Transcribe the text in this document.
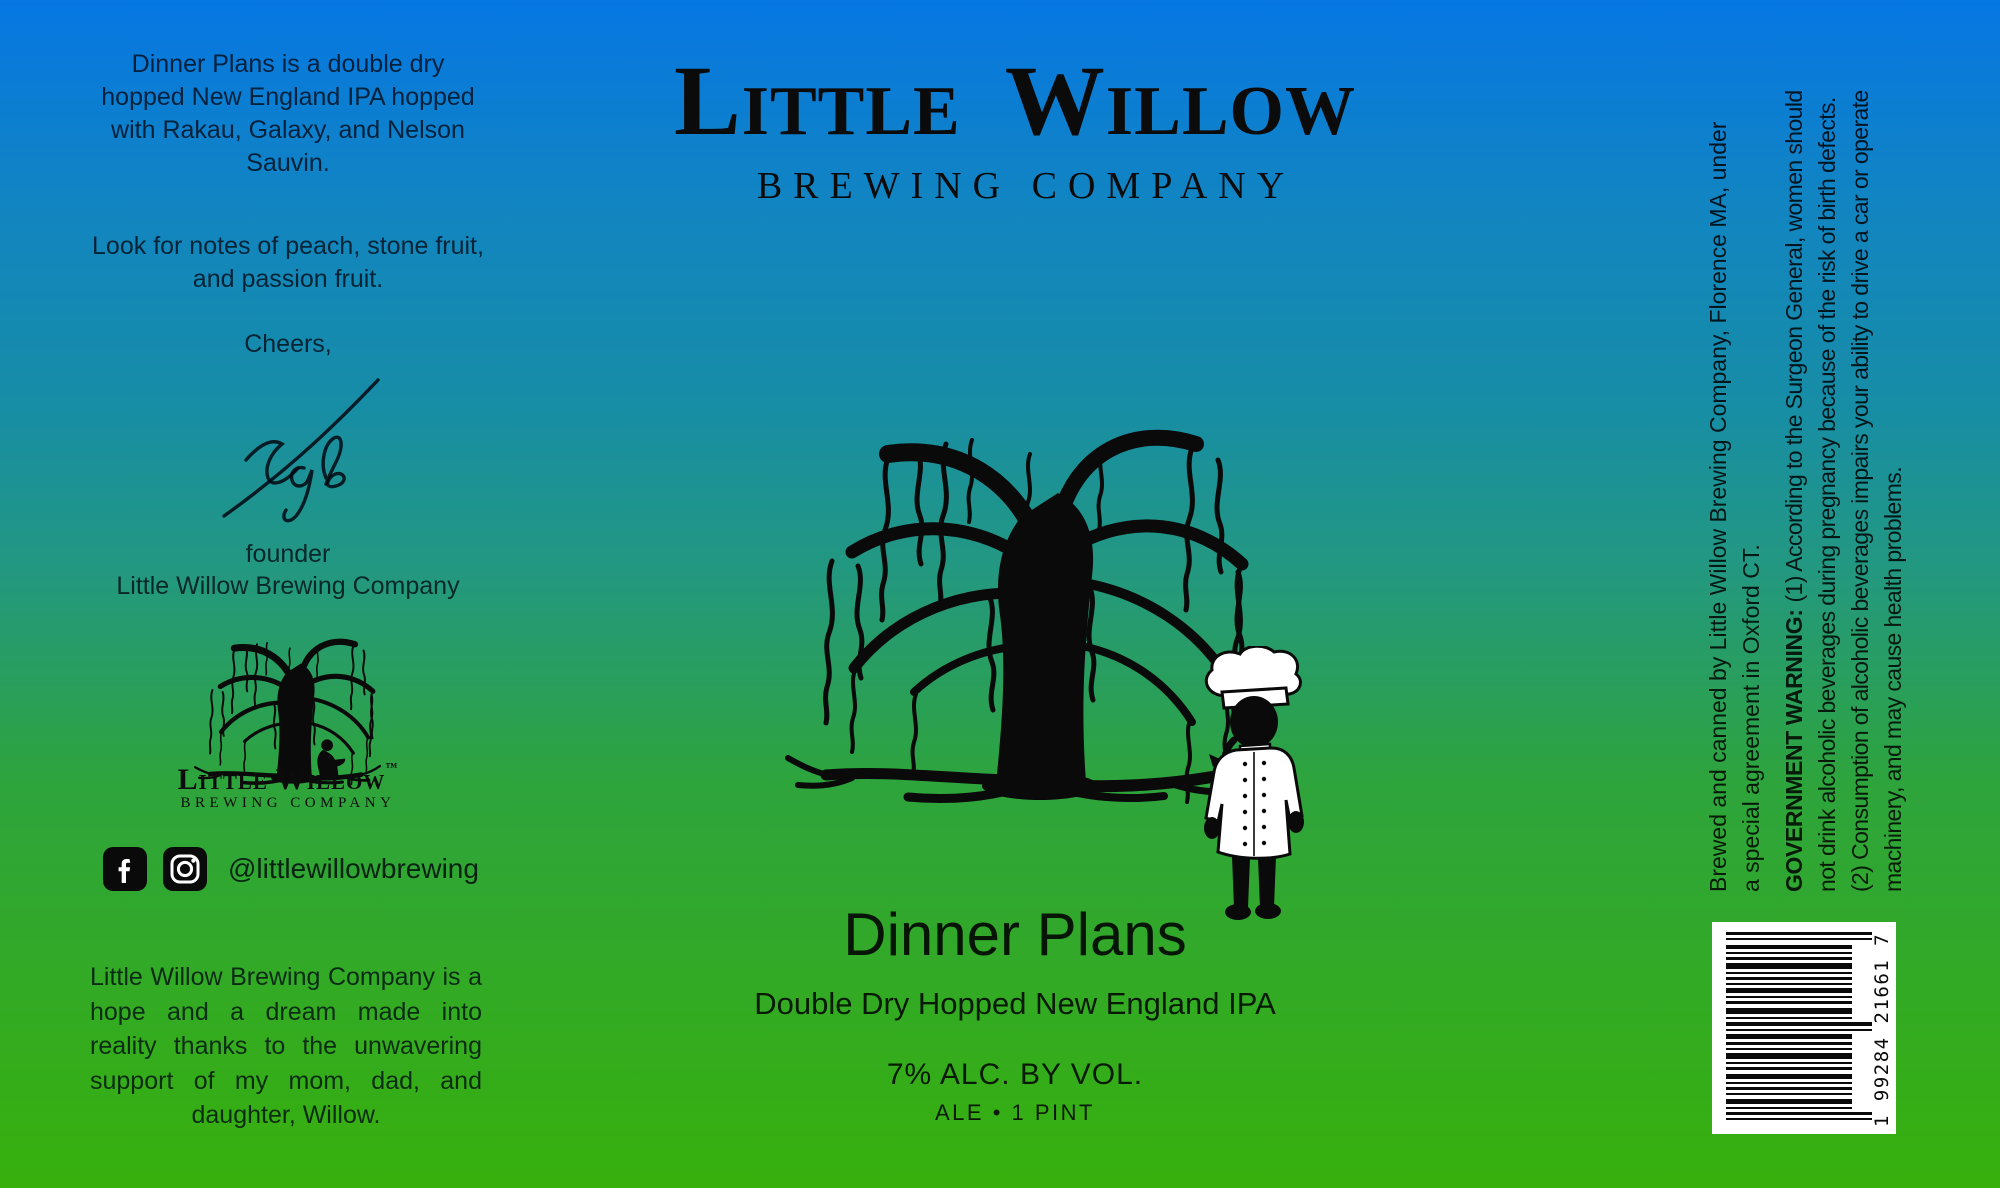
Dinner Plans is a double dry hopped New England IPA hopped with Rakau, Galaxy, and Nelson Sauvin.
Look for notes of peach, stone fruit, and passion fruit.
Cheers,
founder
Little Willow Brewing Company
Little Willow™
BREWING COMPANY
@littlewillowbrewing
Little Willow Brewing Company is a hope and a dream made into reality thanks to the unwavering support of my mom, dad, and daughter, Willow.
Little Willow
BREWING COMPANY
Dinner Plans
Double Dry Hopped New England IPA
7% ALC. BY VOL.
ALE • 1 PINT
Brewed and canned by Little Willow Brewing Company, Florence MA, under a special agreement in Oxford CT. GOVERNMENT WARNING:(1) According to the Surgeon General, women should not drink alcoholic beverages during pregnancy because of the risk of birth defects. (2) Consumption of alcoholic beverages impairs your ability to drive a car or operate machinery, and may cause health problems.
1 99284 21661 7
